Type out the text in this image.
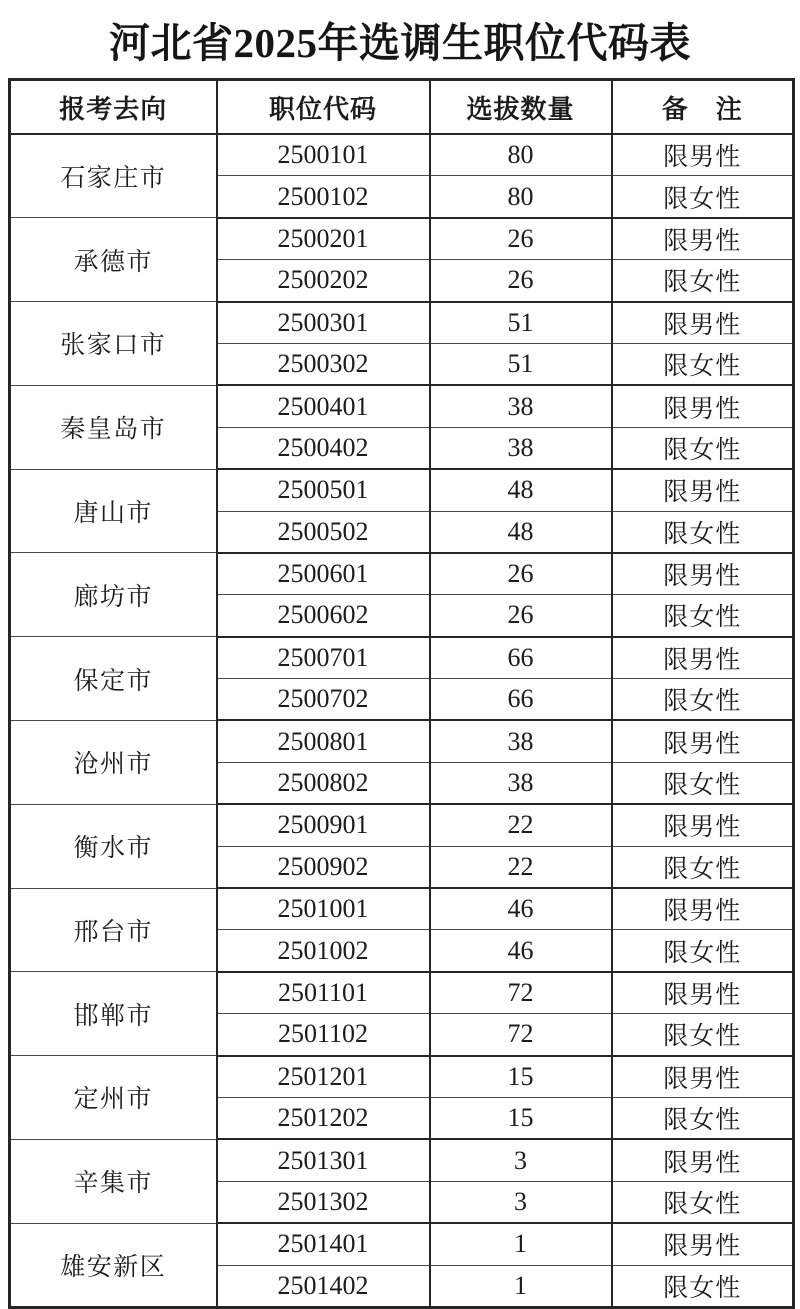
河北省2025年选调生职位代码表
报考去向	职位代码	选拔数量	备　注
石家庄市	2500101	80	限男性
	2500102	80	限女性
承德市	2500201	26	限男性
	2500202	26	限女性
张家口市	2500301	51	限男性
	2500302	51	限女性
秦皇岛市	2500401	38	限男性
	2500402	38	限女性
唐山市	2500501	48	限男性
	2500502	48	限女性
廊坊市	2500601	26	限男性
	2500602	26	限女性
保定市	2500701	66	限男性
	2500702	66	限女性
沧州市	2500801	38	限男性
	2500802	38	限女性
衡水市	2500901	22	限男性
	2500902	22	限女性
邢台市	2501001	46	限男性
	2501002	46	限女性
邯郸市	2501101	72	限男性
	2501102	72	限女性
定州市	2501201	15	限男性
	2501202	15	限女性
辛集市	2501301	3	限男性
	2501302	3	限女性
雄安新区	2501401	1	限男性
	2501402	1	限女性
